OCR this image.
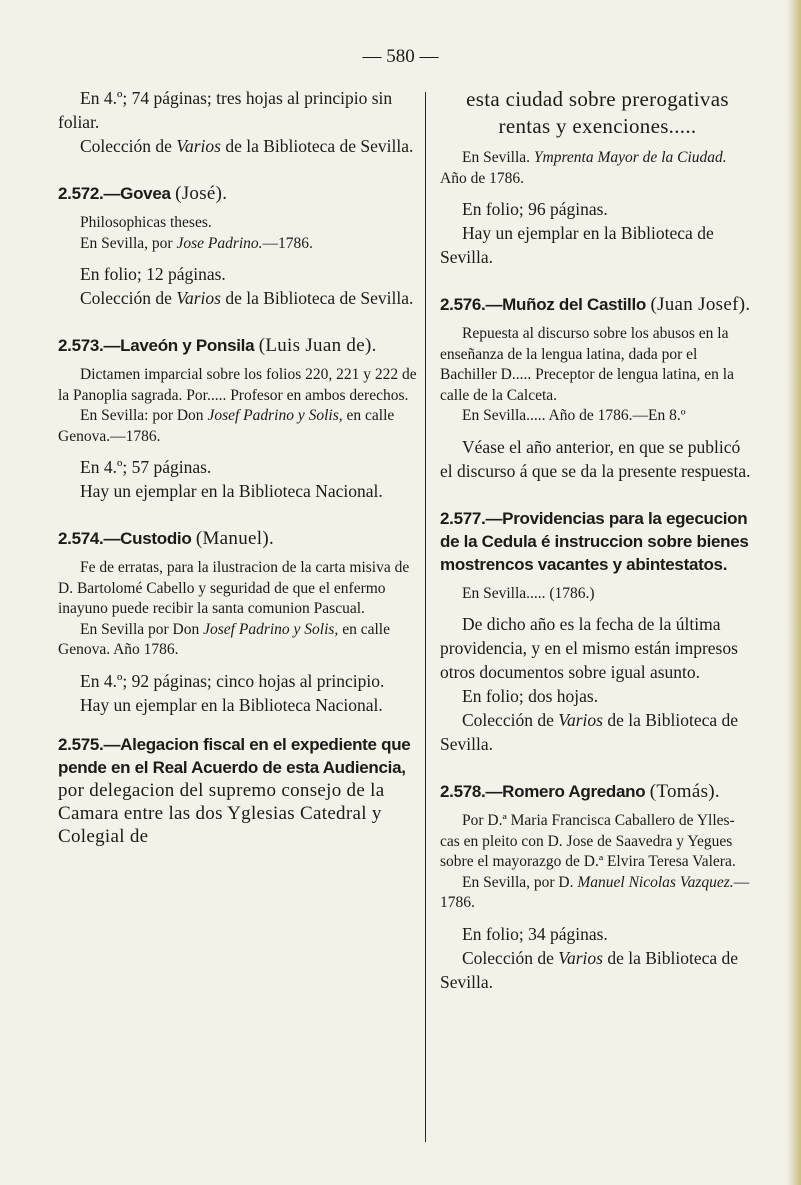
— 580 —

En 4.º; 74 páginas; tres hojas al principio sin foliar.

Colección de Varios de la Biblioteca de Sevilla.

2.572.—Govea (José).

Philosophicas theses.

En Sevilla, por Jose Padrino.—1786.

En folio; 12 páginas.

Colección de Varios de la Biblioteca de Sevilla.

2.573.—Laveón y Ponsila (Luis Juan de).

Dictamen imparcial sobre los folios 220, 221 y 222 de la Panoplia sagrada. Por..... Profesor en ambos derechos.

En Sevilla: por Don Josef Padrino y Solis, en calle Genova.—1786.

En 4.º; 57 páginas.

Hay un ejemplar en la Biblioteca Nacional.

2.574.—Custodio (Manuel).

Fe de erratas, para la ilustracion de la carta misiva de D. Bartolomé Cabello y seguridad de que el enfermo inayuno puede recibir la santa comunion Pascual.

En Sevilla por Don Josef Padrino y Solis, en calle Genova. Año 1786.

En 4.º; 92 páginas; cinco hojas al principio.

Hay un ejemplar en la Biblioteca Nacional.

2.575.—Alegacion fiscal en el expediente que pende en el Real Acuerdo de esta Audiencia, por delegacion del supremo consejo de la Camara entre las dos Yglesias Catedral y Colegial de

esta ciudad sobre prerogativas rentas y exenciones.....

En Sevilla. Ymprenta Mayor de la Ciudad. Año de 1786.

En folio; 96 páginas.

Hay un ejemplar en la Biblioteca de Sevilla.

2.576.—Muñoz del Castillo (Juan Josef).

Repuesta al discurso sobre los abusos en la enseñanza de la lengua latina, dada por el Bachiller D..... Preceptor de lengua latina, en la calle de la Calceta.

En Sevilla..... Año de 1786.—En 8.º

Véase el año anterior, en que se publicó el discurso á que se da la presente respuesta.

2.577.—Providencias para la egecucion de la Cedula é instruccion sobre bienes mostrencos vacantes y abintestatos.

En Sevilla..... (1786.)

De dicho año es la fecha de la última providencia, y en el mismo están impresos otros documentos sobre igual asunto.

En folio; dos hojas.

Colección de Varios de la Biblioteca de Sevilla.

2.578.—Romero Agredano (Tomás).

Por D.ª Maria Francisca Caballero de Ylles- cas en pleito con D. Jose de Saavedra y Yegues sobre el mayorazgo de D.ª Elvira Teresa Valera.

En Sevilla, por D. Manuel Nicolas Vazquez.—1786.

En folio; 34 páginas.

Colección de Varios de la Biblioteca de Sevilla.
